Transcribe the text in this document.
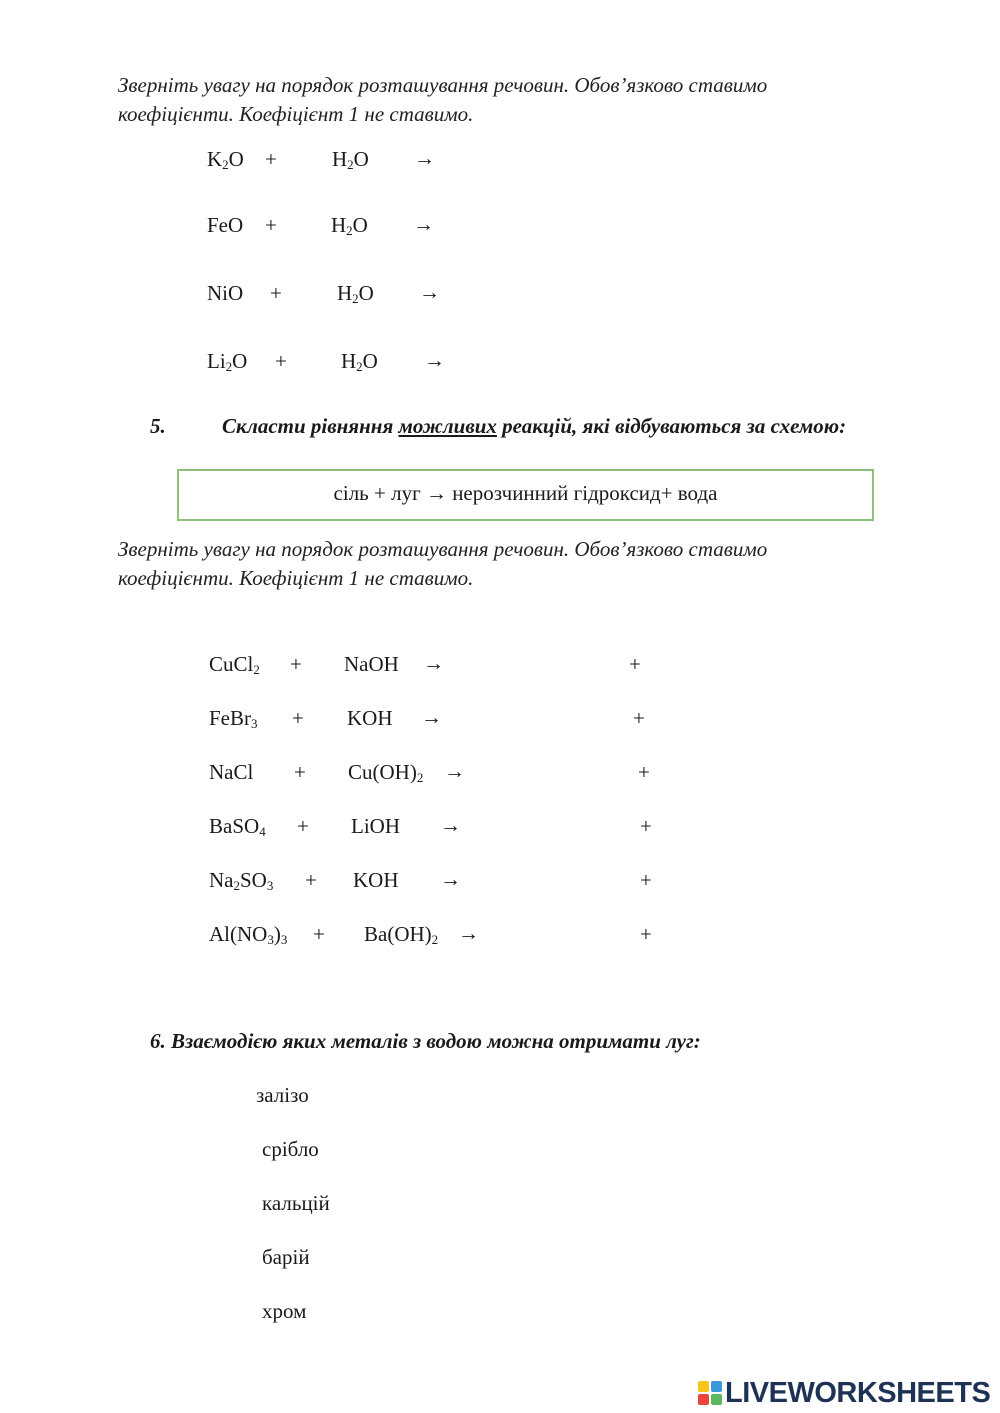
Зверніть увагу на порядок розташування речовин. Обов’язково ставимо
коефіцієнти. Коефіцієнт 1 не ставимо.
$K_2O$ +	$H_2O$ →
FeO +	$H_2O$ →
NiO +	$H_2O$ →
$Li_2O$ +	$H_2O$ →
5.	Скласти рівняння можливих реакцій, які відбуваються за схемою:
сіль + луг → нерозчинний гідроксид+ вода
Зверніть увагу на порядок розташування речовин. Обов’язково ставимо
коефіцієнти. Коефіцієнт 1 не ставимо.
CuCl$_2$ + NaOH →	+
FeBr$_3$ + KOH →	+
NaCl + $Cu(OH)_2$ →	+
BaSO$_4$ + LiOH →	+
$Na_2SO_3$ + KOH →	+
$Al(NO_3)_3 + Ba(OH)_2$ →	+
6. Взаємодією яких металів з водою можна отримати луг:
залізо
срібло
кальцій
барій
хром
LIVEWORKSHEETS
